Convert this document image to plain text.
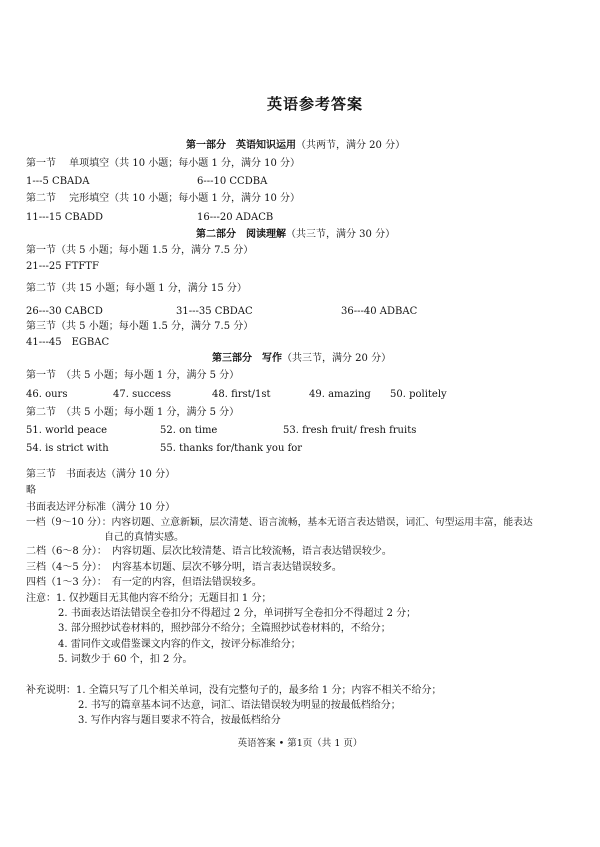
英语参考答案
第一部分　英语知识运用（共两节，满分 20 分）
第一节　 单项填空（共 10 小题；每小题 1 分，满分 10 分）
1---5 CBADA	6---10 CCDBA
第二节　 完形填空（共 10 小题；每小题 1 分，满分 10 分）
11---15 CBADD	16---20 ADACB
第二部分　阅读理解（共三节，满分 30 分）
第一节（共 5 小题；每小题 1.5 分，满分 7.5 分）
21---25 FTFTF
第二节（共 15 小题；每小题 1 分，满分 15 分）
26---30 CABCD	31---35 CBDAC	36---40 ADBAC
第三节（共 5 小题；每小题 1.5 分，满分 7.5 分）
41---45　EGBAC
第三部分　写作（共三节，满分 20 分）
第一节　（共 5 小题；每小题 1 分，满分 5 分）
46. ours	47. success	48. first/1st	49. amazing 50. politely
第二节　（共 5 小题；每小题 1 分，满分 5 分）
51. world peace	52. on time	53. fresh fruit/ fresh fruits
54. is strict with	55. thanks for/thank you for
第三节　书面表达（满分 10 分）
略
书面表达评分标准（满分 10 分）
一档（9～10 分）：内容切题、立意新颖，层次清楚、语言流畅，基本无语言表达错误，词汇、句型运用丰富，能表达
自己的真情实感。
二档（6～8 分）：　内容切题、层次比较清楚、语言比较流畅，语言表达错误较少。
三档（4～5 分）：　内容基本切题、层次不够分明，语言表达错误较多。
四档（1～3 分）：　有一定的内容，但语法错误较多。
注意：1. 仅抄题目无其他内容不给分；无题目扣 1 分；
2. 书面表达语法错误全卷扣分不得超过 2 分，单词拼写全卷扣分不得超过 2 分；
3. 部分照抄试卷材料的，照抄部分不给分；全篇照抄试卷材料的，不给分；
4. 雷同作文或借鉴课文内容的作文，按评分标准给分；
5. 词数少于 60 个，扣 2 分。
补充说明：1. 全篇只写了几个相关单词，没有完整句子的，最多给 1 分；内容不相关不给分；
2. 书写的篇章基本词不达意，词汇、语法错误较为明显的按最低档给分；
3. 写作内容与题目要求不符合，按最低档给分
英语答案 • 第1页（共 1 页）
